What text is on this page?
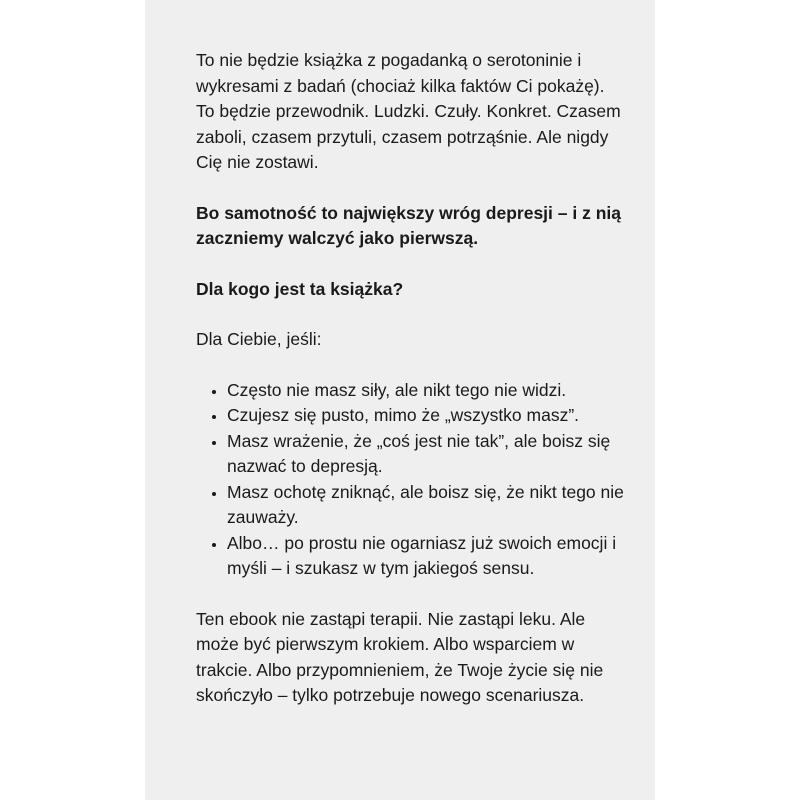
To nie będzie książka z pogadanką o serotoninie i wykresami z badań (chociaż kilka faktów Ci pokażę). To będzie przewodnik. Ludzki. Czuły. Konkret. Czasem zaboli, czasem przytuli, czasem potrząśnie. Ale nigdy Cię nie zostawi.

Bo samotność to największy wróg depresji – i z nią zaczniemy walczyć jako pierwszą.

Dla kogo jest ta książka?

Dla Ciebie, jeśli:

• Często nie masz siły, ale nikt tego nie widzi.
• Czujesz się pusto, mimo że „wszystko masz”.
• Masz wrażenie, że „coś jest nie tak”, ale boisz się nazwać to depresją.
• Masz ochotę zniknąć, ale boisz się, że nikt tego nie zauważy.
• Albo… po prostu nie ogarniasz już swoich emocji i myśli – i szukasz w tym jakiegoś sensu.

Ten ebook nie zastąpi terapii. Nie zastąpi leku. Ale może być pierwszym krokiem. Albo wsparciem w trakcie. Albo przypomnieniem, że Twoje życie się nie skończyło – tylko potrzebuje nowego scenariusza.
